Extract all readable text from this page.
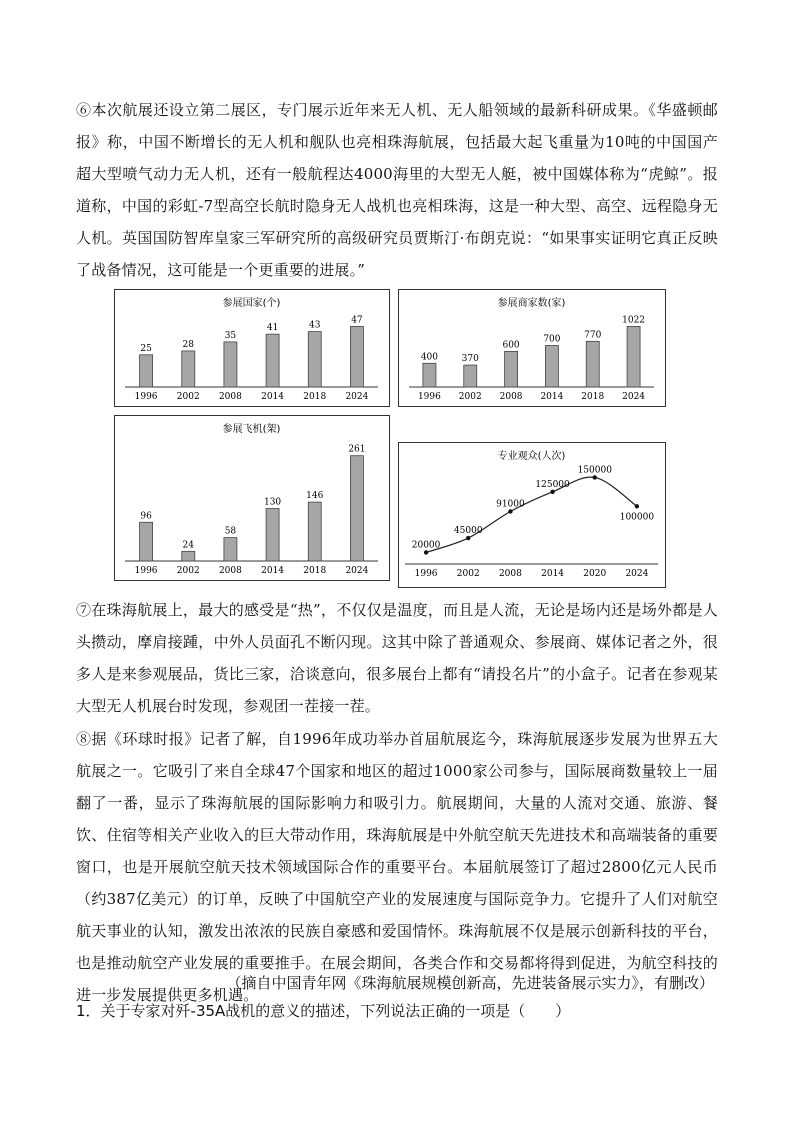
⑥本次航展还设立第二展区，专门展示近年来无人机、无人船领域的最新科研成果。《华盛顿邮报》称，中国不断增长的无人机和舰队也亮相珠海航展，包括最大起飞重量为10吨的中国国产超大型喷气动力无人机，还有一般航程达4000海里的大型无人艇，被中国媒体称为“虎鲸”。报道称，中国的彩虹-7型高空长航时隐身无人战机也亮相珠海，这是一种大型、高空、远程隐身无人机。英国国防智库皇家三军研究所的高级研究员贾斯汀·布朗克说：“如果事实证明它真正反映了战备情况，这可能是一个更重要的进展。”
参展国家(个)
1996
25
2002
28
2008
35
2014
41
2018
43
2024
47
参展商家数(家)
1996
400
2002
370
2008
600
2014
700
2018
770
2024
1022
参展飞机(架)
1996
96
2002
24
2008
58
2014
130
2018
146
2024
261
专业观众(人次)
1996 2002 2008 2014 2020 2024
20000
45000
91000
125000
150000
100000
⑦在珠海航展上，最大的感受是“热”，不仅仅是温度，而且是人流，无论是场内还是场外都是人头攒动，摩肩接踵，中外人员面孔不断闪现。这其中除了普通观众、参展商、媒体记者之外，很多人是来参观展品，货比三家，洽谈意向，很多展台上都有“请投名片”的小盒子。记者在参观某大型无人机展台时发现，参观团一茬接一茬。
⑧据《环球时报》记者了解，自1996年成功举办首届航展迄今，珠海航展逐步发展为世界五大航展之一。它吸引了来自全球47个国家和地区的超过1000家公司参与，国际展商数量较上一届翻了一番，显示了珠海航展的国际影响力和吸引力。航展期间，大量的人流对交通、旅游、餐饮、住宿等相关产业收入的巨大带动作用，珠海航展是中外航空航天先进技术和高端装备的重要窗口，也是开展航空航天技术领域国际合作的重要平台。本届航展签订了超过2800亿元人民币（约387亿美元）的订单，反映了中国航空产业的发展速度与国际竞争力。它提升了人们对航空航天事业的认知，激发出浓浓的民族自豪感和爱国情怀。珠海航展不仅是展示创新科技的平台，也是推动航空产业发展的重要推手。在展会期间，各类合作和交易都将得到促进，为航空科技的进一步发展提供更多机遇。
（摘自中国青年网《珠海航展规模创新高，先进装备展示实力》，有删改）
1．关于专家对歼-35A战机的意义的描述，下列说法正确的一项是（　　）
